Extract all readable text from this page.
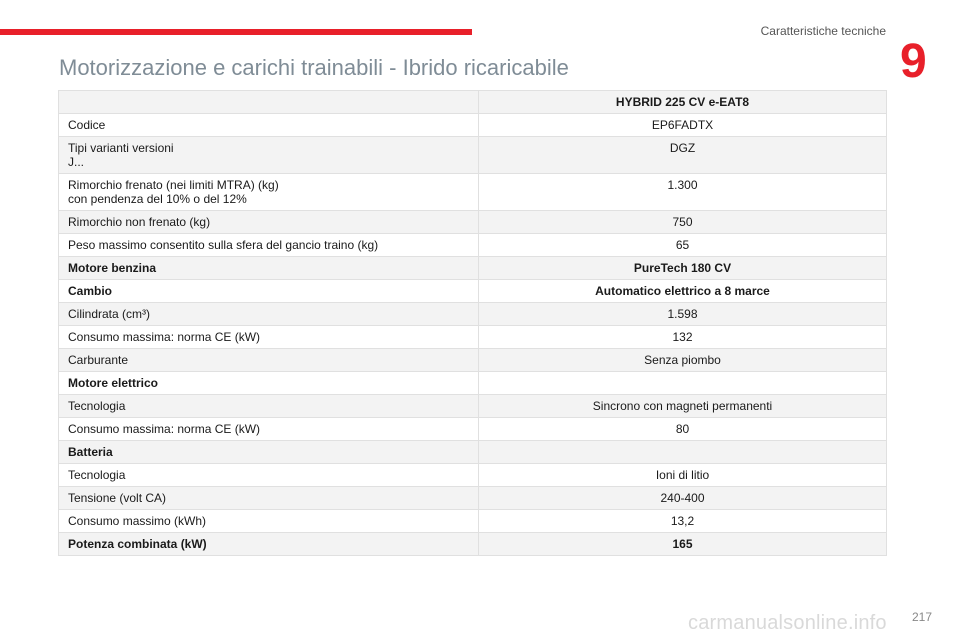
Caratteristiche tecniche
9
Motorizzazione e carichi trainabili - Ibrido ricaricabile
	HYBRID 225 CV e-EAT8
Codice	EP6FADTX
Tipi varianti versioni
J...	DGZ
Rimorchio frenato (nei limiti MTRA) (kg)
con pendenza del 10% o del 12%	1.300
Rimorchio non frenato (kg)	750
Peso massimo consentito sulla sfera del gancio traino (kg)	65
Motore benzina	PureTech 180 CV
Cambio	Automatico elettrico a 8 marce
Cilindrata (cm³)	1.598
Consumo massima: norma CE (kW)	132
Carburante	Senza piombo
Motore elettrico	
Tecnologia	Sincrono con magneti permanenti
Consumo massima: norma CE (kW)	80
Batteria	
Tecnologia	Ioni di litio
Tensione (volt CA)	240-400
Consumo massimo (kWh)	13,2
Potenza combinata (kW)	165
217
carmanualsonline.info
